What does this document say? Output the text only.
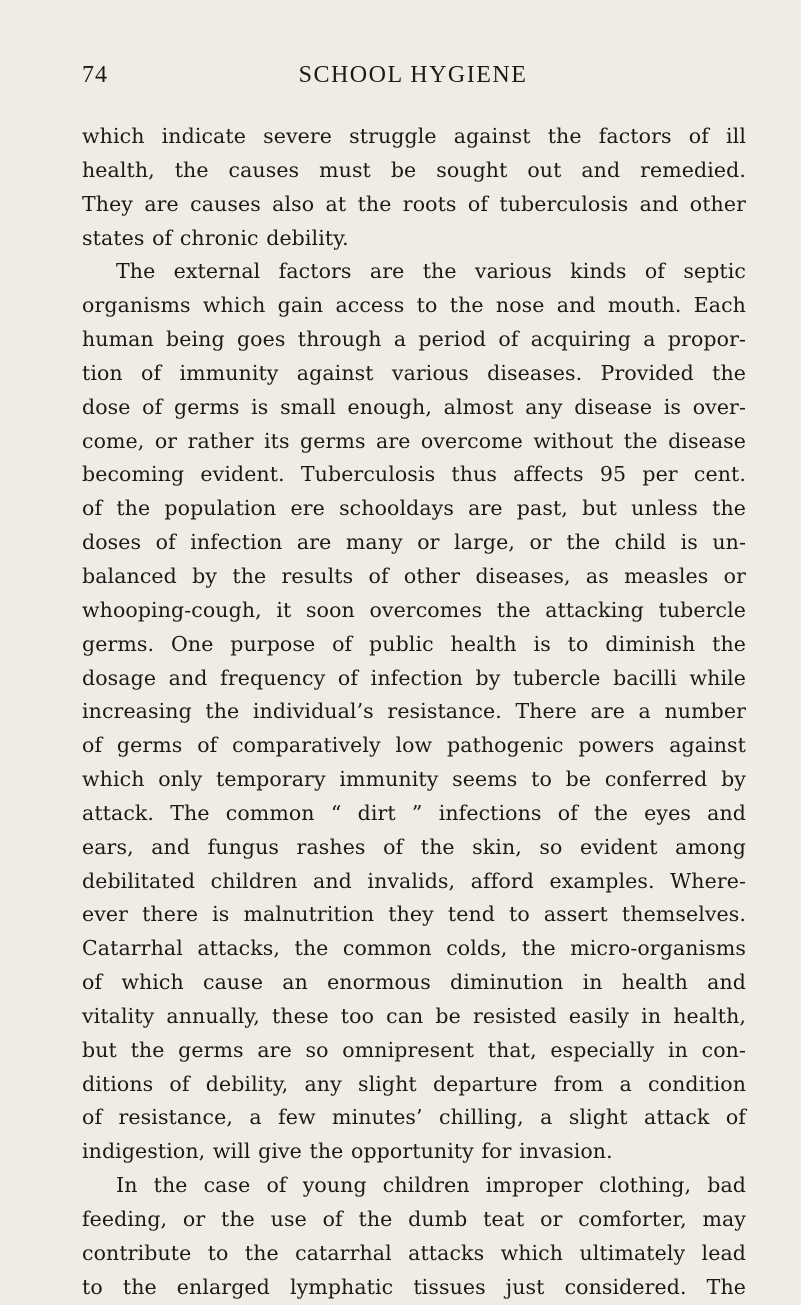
74	SCHOOL HYGIENE
which indicate severe struggle against the factors of ill
health, the causes must be sought out and remedied.
They are causes also at the roots of tuberculosis and other
states of chronic debility.
The external factors are the various kinds of septic
organisms which gain access to the nose and mouth. Each
human being goes through a period of acquiring a propor-
tion of immunity against various diseases. Provided the
dose of germs is small enough, almost any disease is over-
come, or rather its germs are overcome without the disease
becoming evident. Tuberculosis thus affects 95 per cent.
of the population ere schooldays are past, but unless the
doses of infection are many or large, or the child is un-
balanced by the results of other diseases, as measles or
whooping-cough, it soon overcomes the attacking tubercle
germs. One purpose of public health is to diminish the
dosage and frequency of infection by tubercle bacilli while
increasing the individual’s resistance. There are a number
of germs of comparatively low pathogenic powers against
which only temporary immunity seems to be conferred by
attack. The common “ dirt ” infections of the eyes and
ears, and fungus rashes of the skin, so evident among
debilitated children and invalids, afford examples. Where-
ever there is malnutrition they tend to assert themselves.
Catarrhal attacks, the common colds, the micro-organisms
of which cause an enormous diminution in health and
vitality annually, these too can be resisted easily in health,
but the germs are so omnipresent that, especially in con-
ditions of debility, any slight departure from a condition
of resistance, a few minutes’ chilling, a slight attack of
indigestion, will give the opportunity for invasion.
In the case of young children improper clothing, bad
feeding, or the use of the dumb teat or comforter, may
contribute to the catarrhal attacks which ultimately lead
to the enlarged lymphatic tissues just considered. The
